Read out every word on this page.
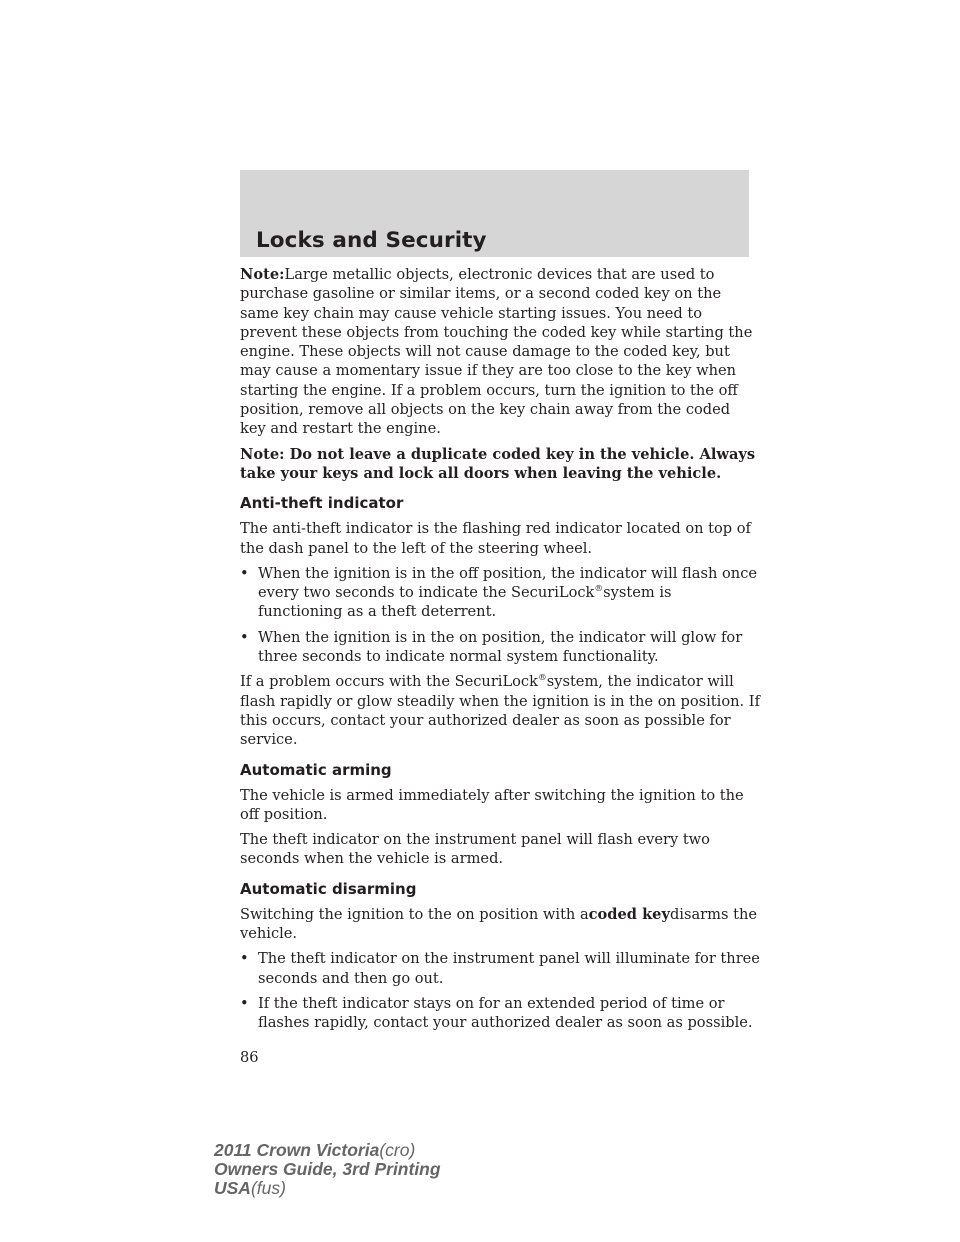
Locks and Security

Note:Large metallic objects, electronic devices that are used to purchase gasoline or similar items, or a second coded key on the same key chain may cause vehicle starting issues. You need to prevent these objects from touching the coded key while starting the engine. These objects will not cause damage to the coded key, but may cause a momentary issue if they are too close to the key when starting the engine. If a problem occurs, turn the ignition to the off position, remove all objects on the key chain away from the coded key and restart the engine.

Note: Do not leave a duplicate coded key in the vehicle. Always take your keys and lock all doors when leaving the vehicle.

Anti-theft indicator

The anti-theft indicator is the flashing red indicator located on top of the dash panel to the left of the steering wheel.

• When the ignition is in the off position, the indicator will flash once every two seconds to indicate the SecuriLock®system is functioning as a theft deterrent.
• When the ignition is in the on position, the indicator will glow for three seconds to indicate normal system functionality.

If a problem occurs with the SecuriLock®system, the indicator will flash rapidly or glow steadily when the ignition is in the on position. If this occurs, contact your authorized dealer as soon as possible for service.

Automatic arming

The vehicle is armed immediately after switching the ignition to the off position.

The theft indicator on the instrument panel will flash every two seconds when the vehicle is armed.

Automatic disarming

Switching the ignition to the on position with acoded keydisarms the vehicle.

• The theft indicator on the instrument panel will illuminate for three seconds and then go out.
• If the theft indicator stays on for an extended period of time or flashes rapidly, contact your authorized dealer as soon as possible.
86
2011 Crown Victoria(cro)
Owners Guide, 3rd Printing
USA(fus)
